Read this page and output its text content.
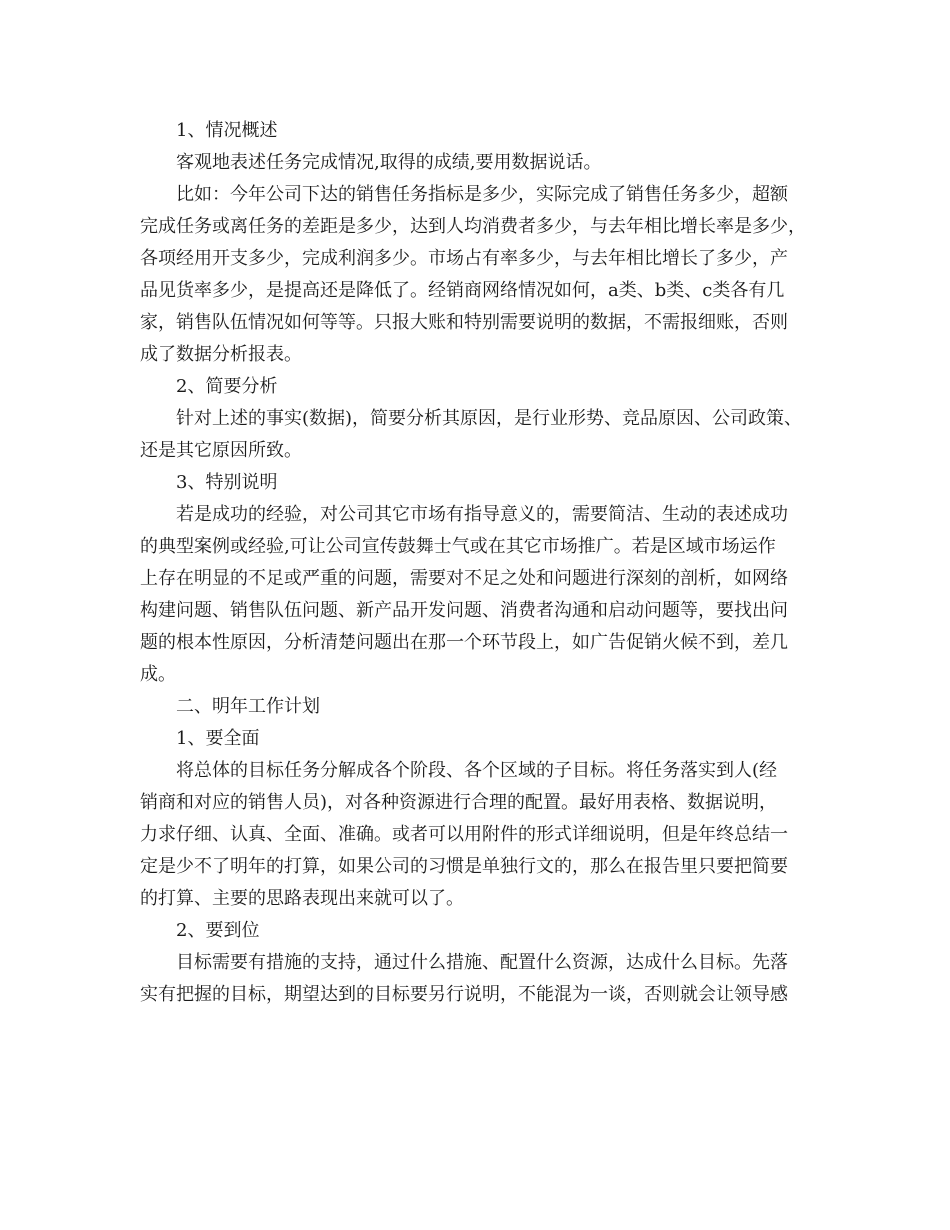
1、情况概述
客观地表述任务完成情况,取得的成绩,要用数据说话。
比如：今年公司下达的销售任务指标是多少，实际完成了销售任务多少，超额
完成任务或离任务的差距是多少，达到人均消费者多少，与去年相比增长率是多少，
各项经用开支多少，完成利润多少。市场占有率多少，与去年相比增长了多少，产
品见货率多少，是提高还是降低了。经销商网络情况如何，a类、b类、c类各有几
家，销售队伍情况如何等等。只报大账和特别需要说明的数据，不需报细账，否则
成了数据分析报表。
2、简要分析
针对上述的事实(数据)，简要分析其原因，是行业形势、竞品原因、公司政策、
还是其它原因所致。
3、特别说明
若是成功的经验，对公司其它市场有指导意义的，需要简洁、生动的表述成功
的典型案例或经验,可让公司宣传鼓舞士气或在其它市场推广。若是区域市场运作
上存在明显的不足或严重的问题，需要对不足之处和问题进行深刻的剖析，如网络
构建问题、销售队伍问题、新产品开发问题、消费者沟通和启动问题等，要找出问
题的根本性原因，分析清楚问题出在那一个环节段上，如广告促销火候不到，差几
成。
二、明年工作计划
1、要全面
将总体的目标任务分解成各个阶段、各个区域的子目标。将任务落实到人(经
销商和对应的销售人员)，对各种资源进行合理的配置。最好用表格、数据说明，
力求仔细、认真、全面、准确。或者可以用附件的形式详细说明，但是年终总结一
定是少不了明年的打算，如果公司的习惯是单独行文的，那么在报告里只要把简要
的打算、主要的思路表现出来就可以了。
2、要到位
目标需要有措施的支持，通过什么措施、配置什么资源，达成什么目标。先落
实有把握的目标，期望达到的目标要另行说明，不能混为一谈，否则就会让领导感
